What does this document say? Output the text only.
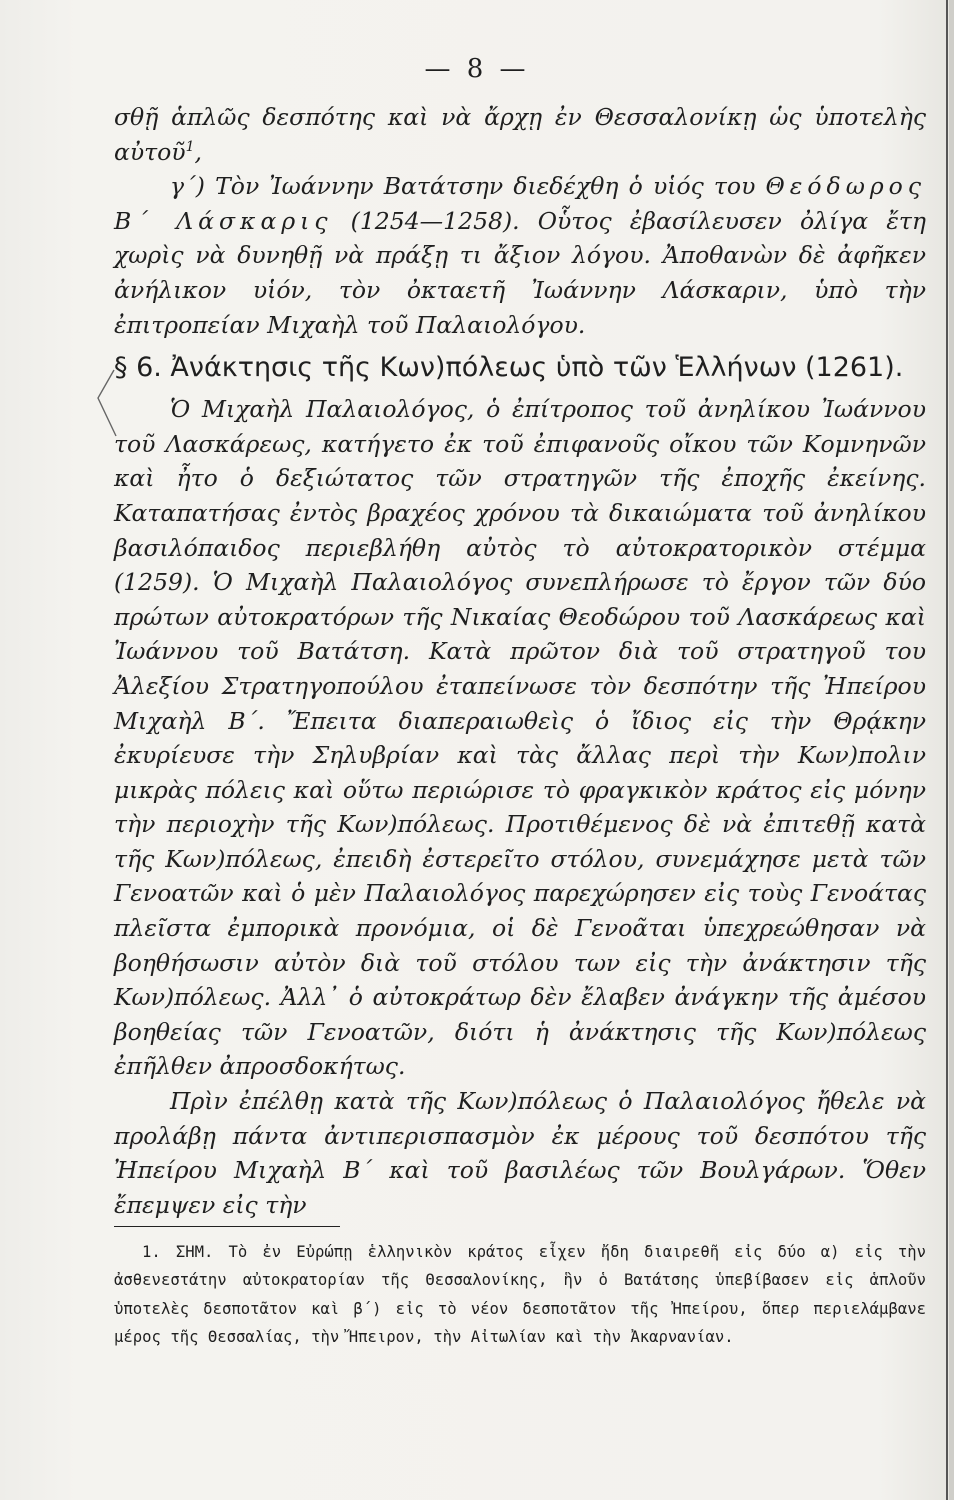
— 8 —

σθῇ ἁπλῶς δεσπότης καὶ νὰ ἄρχῃ ἐν Θεσσαλονίκῃ ὡς ὑποτελὴς αὐτοῦ$^1$,

γ΄) Τὸν Ἰωάννην Βατάτσην διεδέχθη ὁ υἱός του Θεόδωρος Β΄ Λάσκαρις (1254—1258). Οὗτος ἐβασίλευσεν ὀλίγα ἔτη χωρὶς νὰ δυνηθῇ νὰ πράξῃ τι ἄξιον λόγου. Ἀποθανὼν δὲ ἀφῆκεν ἀνήλικον υἱόν, τὸν ὀκταετῆ Ἰωάννην Λάσκαριν, ὑπὸ τὴν ἐπιτροπείαν Μιχαὴλ τοῦ Παλαιολόγου.

§ 6. Ἀνάκτησις τῆς Κων)πόλεως ὑπὸ τῶν Ἑλλήνων (1261).

Ὁ Μιχαὴλ Παλαιολόγος, ὁ ἐπίτροπος τοῦ ἀνηλίκου Ἰωάννου τοῦ Λασκάρεως, κατήγετο ἐκ τοῦ ἐπιφανοῦς οἴκου τῶν Κομνηνῶν καὶ ἦτο ὁ δεξιώτατος τῶν στρατηγῶν τῆς ἐποχῆς ἐκείνης. Καταπατήσας ἐντὸς βραχέος χρόνου τὰ δικαιώματα τοῦ ἀνηλίκου βασιλόπαιδος περιεβλήθη αὐτὸς τὸ αὐτοκρατορικὸν στέμμα (1259). Ὁ Μιχαὴλ Παλαιολόγος συνεπλήρωσε τὸ ἔργον τῶν δύο πρώτων αὐτοκρατόρων τῆς Νικαίας Θεοδώρου τοῦ Λασκάρεως καὶ Ἰωάννου τοῦ Βατάτση. Κατὰ πρῶτον διὰ τοῦ στρατηγοῦ του Ἀλεξίου Στρατηγοπούλου ἐταπείνωσε τὸν δεσπότην τῆς Ἠπείρου Μιχαὴλ Β΄. Ἔπειτα διαπεραιωθεὶς ὁ ἴδιος εἰς τὴν Θρᾴκην ἐκυρίευσε τὴν Σηλυβρίαν καὶ τὰς ἄλλας περὶ τὴν Κων)πολιν μικρὰς πόλεις καὶ οὕτω περιώρισε τὸ φραγκικὸν κράτος εἰς μόνην τὴν περιοχὴν τῆς Κων)πόλεως. Προτιθέμενος δὲ νὰ ἐπιτεθῇ κατὰ τῆς Κων)πόλεως, ἐπειδὴ ἐστερεῖτο στόλου, συνεμάχησε μετὰ τῶν Γενοατῶν καὶ ὁ μὲν Παλαιολόγος παρεχώρησεν εἰς τοὺς Γενοάτας πλεῖστα ἐμπορικὰ προνόμια, οἱ δὲ Γενοᾶται ὑπεχρεώθησαν νὰ βοηθήσωσιν αὐτὸν διὰ τοῦ στόλου των εἰς τὴν ἀνάκτησιν τῆς Κων)πόλεως. Ἀλλ᾿ ὁ αὐτοκράτωρ δὲν ἔλαβεν ἀνάγκην τῆς ἀμέσου βοηθείας τῶν Γενοατῶν, διότι ἡ ἀνάκτησις τῆς Κων)πόλεως ἐπῆλθεν ἀπροσδοκήτως.

Πρὶν ἐπέλθῃ κατὰ τῆς Κων)πόλεως ὁ Παλαιολόγος ἤθελε νὰ προλάβῃ πάντα ἀντιπερισπασμὸν ἐκ μέρους τοῦ δεσπότου τῆς Ἠπείρου Μιχαὴλ Β΄ καὶ τοῦ βασιλέως τῶν Βουλγάρων. Ὅθεν ἔπεμψεν εἰς τὴν

1. ΣΗΜ. Τὸ ἐν Εὐρώπῃ ἑλληνικὸν κράτος εἶχεν ἤδη διαιρεθῆ εἰς δύο α) εἰς τὴν ἀσθενεστάτην αὐτοκρατορίαν τῆς Θεσσαλονίκης, ἣν ὁ Βατάτσης ὑπεβίβασεν εἰς ἁπλοῦν ὑποτελὲς δεσποτᾶτον καὶ β΄) εἰς τὸ νέον δεσποτᾶτον τῆς Ἠπείρου, ὅπερ περιελάμβανε μέρος τῆς Θεσσαλίας, τὴν Ἤπειρον, τὴν Αἰτωλίαν καὶ τὴν Ἀκαρνανίαν.
